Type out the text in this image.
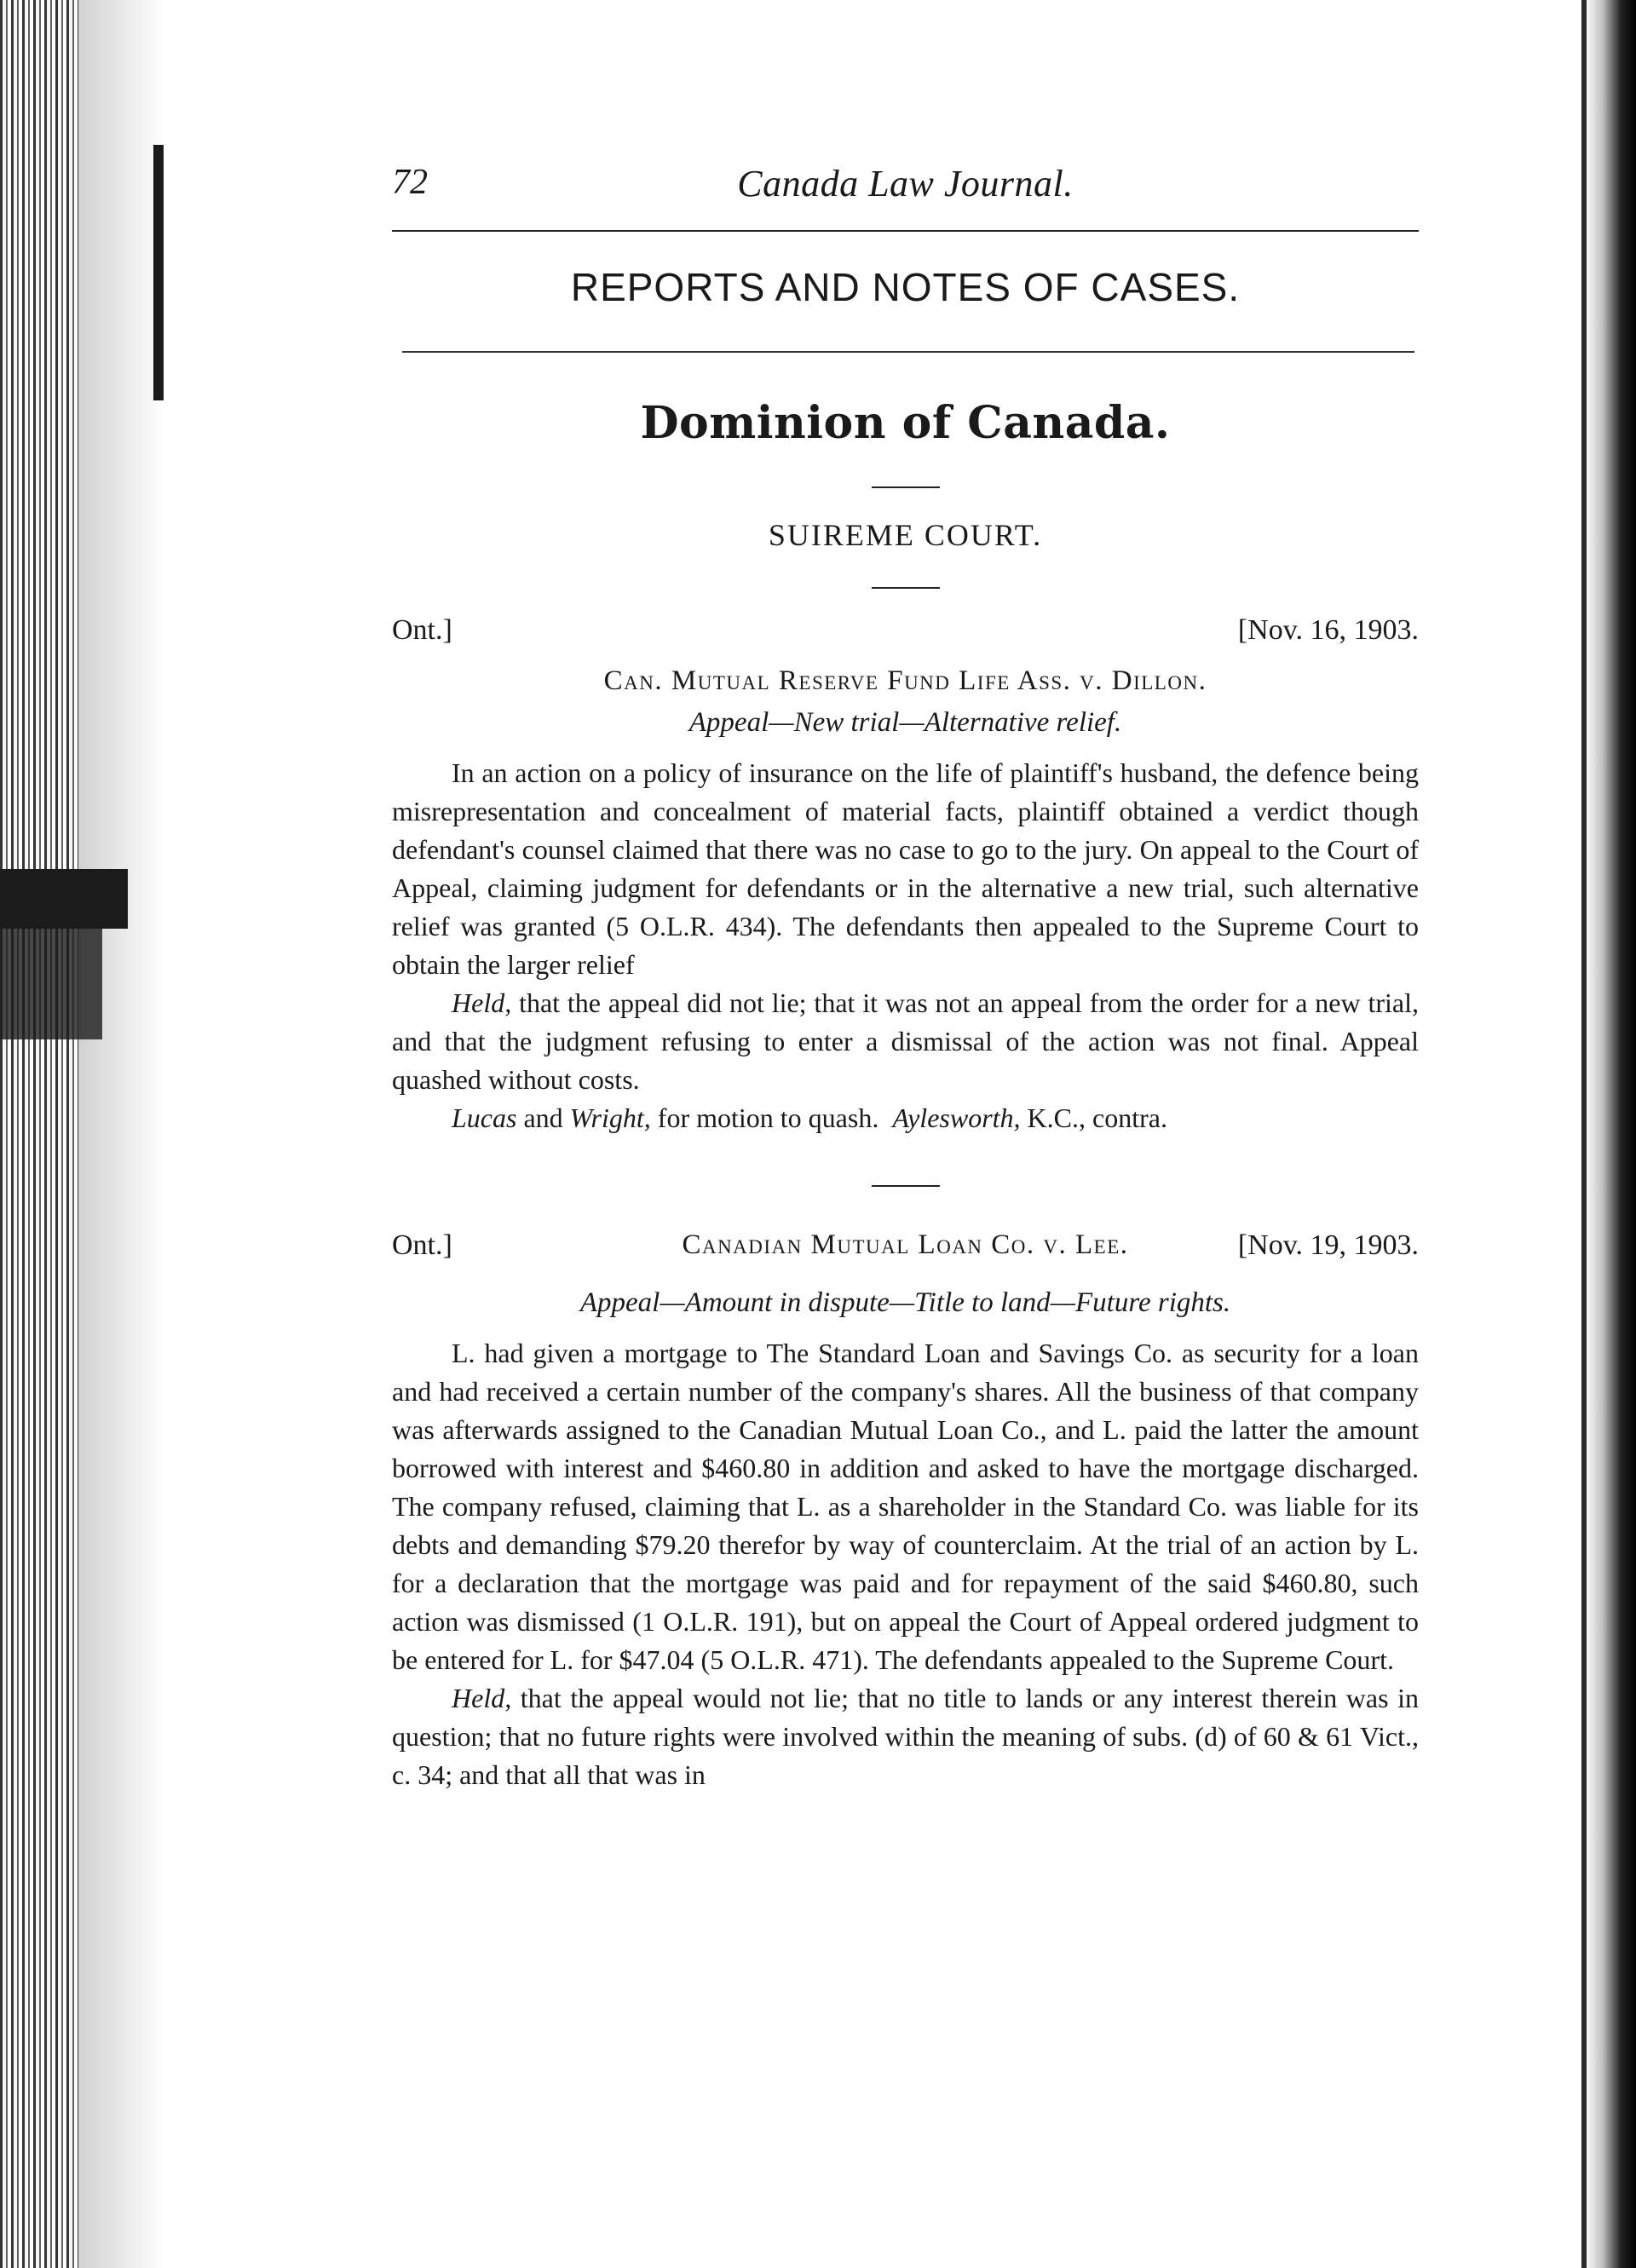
Canada Law Journal.
72
REPORTS AND NOTES OF CASES.
Dominion of Canada.
SUIREME COURT.
Ont.]	[Nov. 16, 1903.
Can. Mutual Reserve Fund Life Ass. v. Dillon.
Appeal—New trial—Alternative relief.

In an action on a policy of insurance on the life of plaintiff's husband, the defence being misrepresentation and concealment of material facts, plaintiff obtained a verdict though defendant's counsel claimed that there was no case to go to the jury. On appeal to the Court of Appeal, claiming judgment for defendants or in the alternative a new trial, such alternative relief was granted (5 O.L.R. 434). The defendants then appealed to the Supreme Court to obtain the larger relief

Held, that the appeal did not lie; that it was not an appeal from the order for a new trial, and that the judgment refusing to enter a dismissal of the action was not final. Appeal quashed without costs.

Lucas and Wright, for motion to quash. Aylesworth, K.C., contra.

Ont.]	Canadian Mutual Loan Co. v. Lee.	[Nov. 19, 1903.
Appeal—Amount in dispute—Title to land—Future rights.

L. had given a mortgage to The Standard Loan and Savings Co. as security for a loan and had received a certain number of the company's shares. All the business of that company was afterwards assigned to the Canadian Mutual Loan Co., and L. paid the latter the amount borrowed with interest and $460.80 in addition and asked to have the mortgage discharged. The company refused, claiming that L. as a shareholder in the Standard Co. was liable for its debts and demanding $79.20 therefor by way of counterclaim. At the trial of an action by L. for a declaration that the mortgage was paid and for repayment of the said $460.80, such action was dismissed (1 O.L.R. 191), but on appeal the Court of Appeal ordered judgment to be entered for L. for $47.04 (5 O.L.R. 471). The defendants appealed to the Supreme Court.

Held, that the appeal would not lie; that no title to lands or any interest therein was in question; that no future rights were involved within the meaning of subs. (d) of 60 & 61 Vict., c. 34; and that all that was in
